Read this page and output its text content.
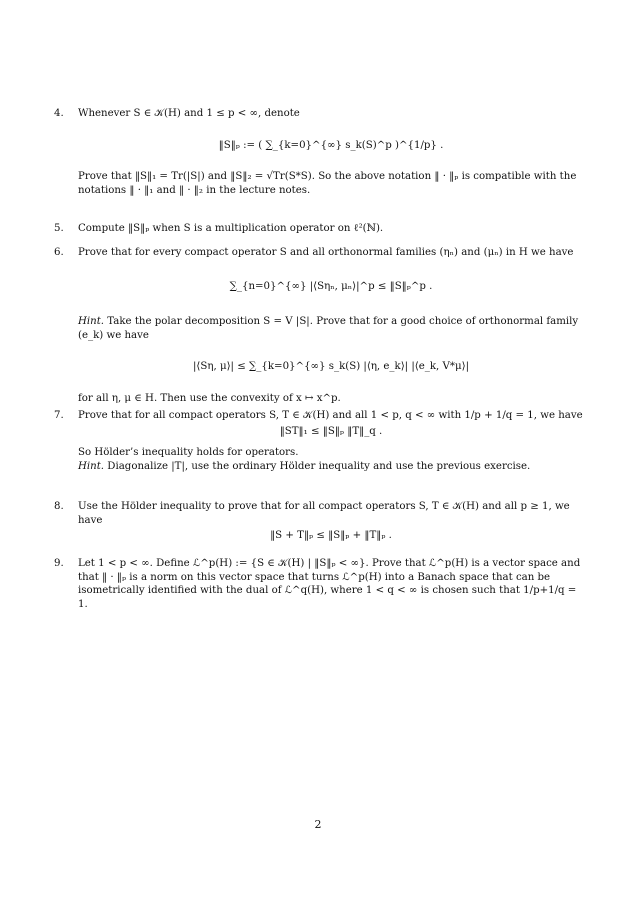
4.	Whenever S ∈ 𝒦(H) and 1 ≤ p < ∞, denote

‖S‖ₚ := ( ∑_{k=0}^{∞} s_k(S)^p )^{1/p} .

Prove that ‖S‖₁ = Tr(|S|) and ‖S‖₂ = √Tr(S*S). So the above notation ‖ · ‖ₚ is compatible with the notations ‖ · ‖₁ and ‖ · ‖₂ in the lecture notes.

5.	Compute ‖S‖ₚ when S is a multiplication operator on ℓ²(ℕ).

6.	Prove that for every compact operator S and all orthonormal families (ηₙ) and (μₙ) in H we have

∑_{n=0}^{∞} |⟨Sηₙ, μₙ⟩|^p ≤ ‖S‖ₚ^p .

Hint. Take the polar decomposition S = V |S|. Prove that for a good choice of orthonormal family (e_k) we have

|⟨Sη, μ⟩| ≤ ∑_{k=0}^{∞} s_k(S) |⟨η, e_k⟩| |⟨e_k, V*μ⟩|

for all η, μ ∈ H. Then use the convexity of x ↦ x^p.

7.	Prove that for all compact operators S, T ∈ 𝒦(H) and all 1 < p, q < ∞ with 1/p + 1/q = 1, we have

‖ST‖₁ ≤ ‖S‖ₚ ‖T‖_q .

So Hölder’s inequality holds for operators.

Hint. Diagonalize |T|, use the ordinary Hölder inequality and use the previous exercise.

8.	Use the Hölder inequality to prove that for all compact operators S, T ∈ 𝒦(H) and all p ≥ 1, we have

‖S + T‖ₚ ≤ ‖S‖ₚ + ‖T‖ₚ .
9.	Let 1 < p < ∞. Define ℒ^p(H) := {S ∈ 𝒦(H) | ‖S‖ₚ < ∞}. Prove that ℒ^p(H) is a vector space and that ‖ · ‖ₚ is a norm on this vector space that turns ℒ^p(H) into a Banach space that can be isometrically identified with the dual of ℒ^q(H), where 1 < q < ∞ is chosen such that 1/p+1/q = 1.

2
